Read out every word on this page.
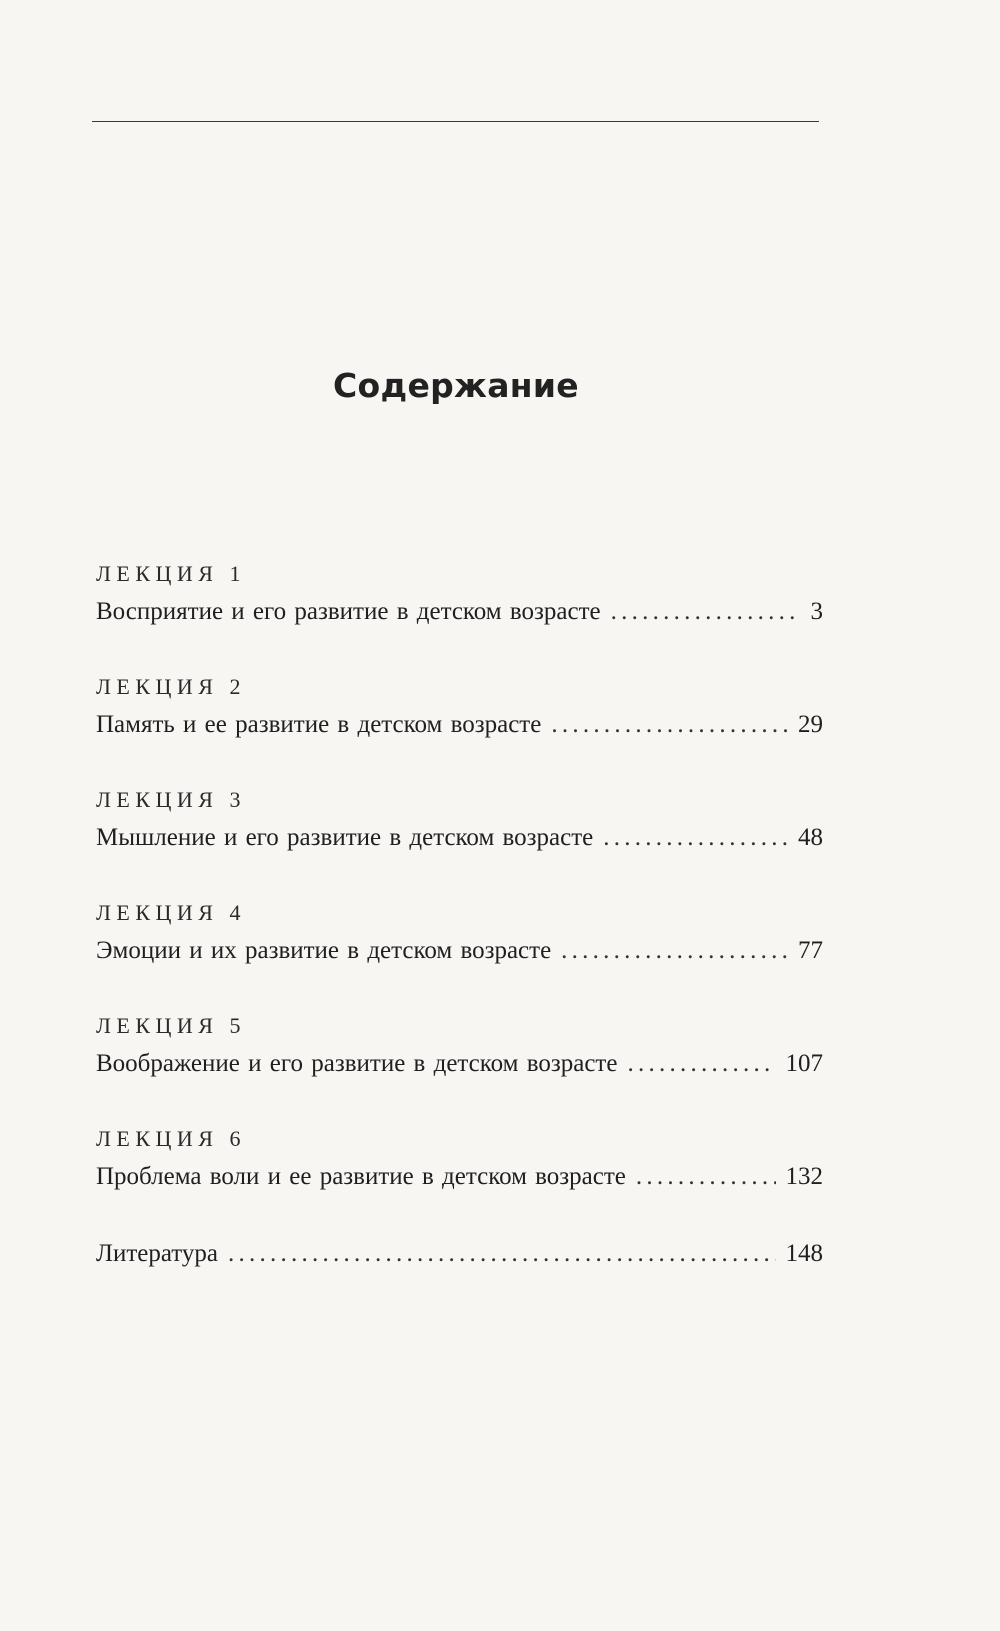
Содержание
ЛЕКЦИЯ 1
Восприятие и его развитие в детском возрасте . . .	3
ЛЕКЦИЯ 2
Память и ее развитие в детском возрасте . . .	29
ЛЕКЦИЯ 3
Мышление и его развитие в детском возрасте . . .	48
ЛЕКЦИЯ 4
Эмоции и их развитие в детском возрасте . . .	77
ЛЕКЦИЯ 5
Воображение и его развитие в детском возрасте . . .	107
ЛЕКЦИЯ 6
Проблема воли и ее развитие в детском возрасте . . .	132
Литература . . .	148
